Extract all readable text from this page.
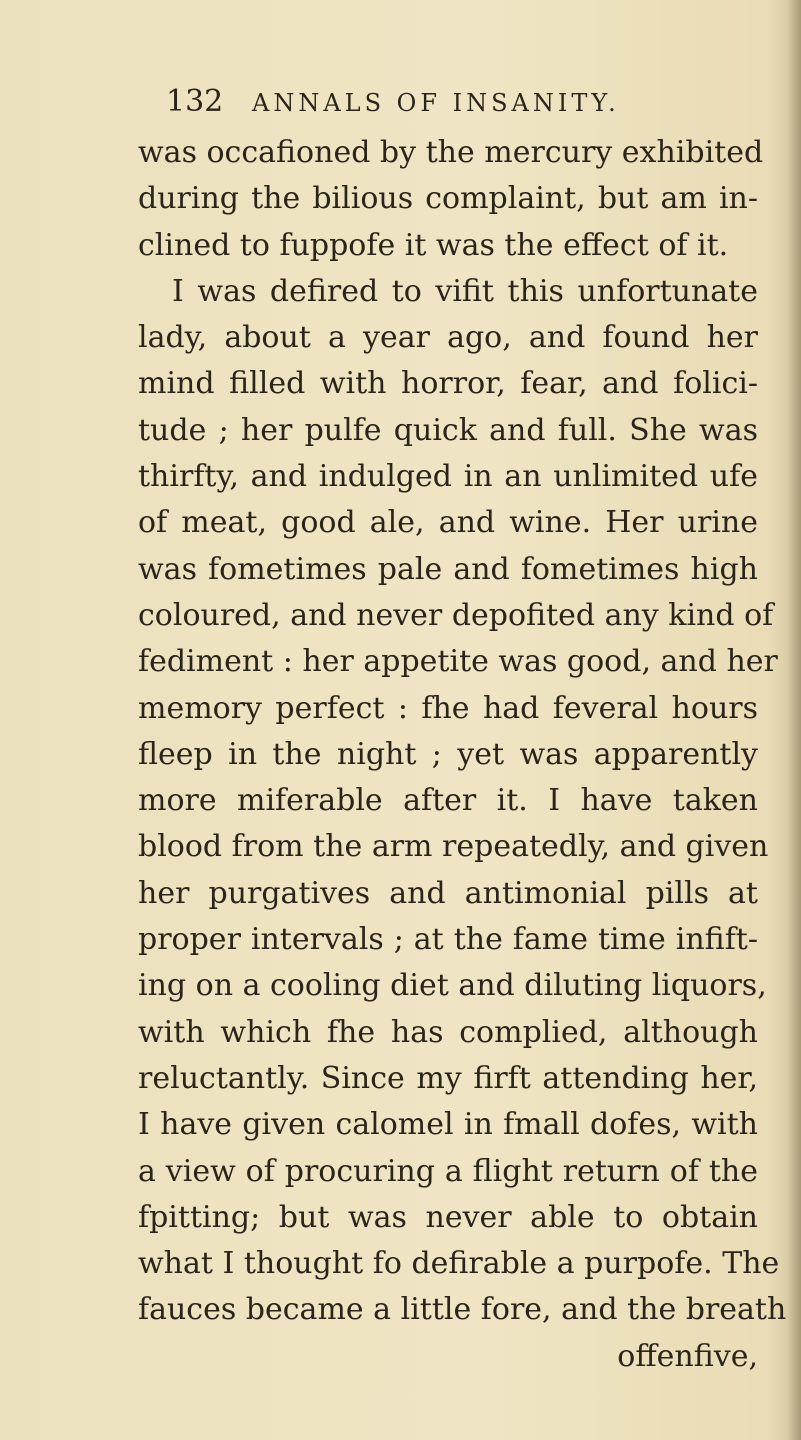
132 ANNALS OF INSANITY.
was occafioned by the mercury exhibited
during the bilious complaint, but am in-
clined to fuppofe it was the effect of it.
I was defired to vifit this unfortunate
lady, about a year ago, and found her
mind filled with horror, fear, and folici-
tude ; her pulfe quick and full. She was
thirfty, and indulged in an unlimited ufe
of meat, good ale, and wine. Her urine
was fometimes pale and fometimes high
coloured, and never depofited any kind of
fediment : her appetite was good, and her
memory perfect : fhe had feveral hours
fleep in the night ; yet was apparently
more miferable after it. I have taken
blood from the arm repeatedly, and given
her purgatives and antimonial pills at
proper intervals ; at the fame time infift-
ing on a cooling diet and diluting liquors,
with which fhe has complied, although
reluctantly. Since my firft attending her,
I have given calomel in fmall dofes, with
a view of procuring a flight return of the
fpitting; but was never able to obtain
what I thought fo defirable a purpofe. The
fauces became a little fore, and the breath
offenfive,
